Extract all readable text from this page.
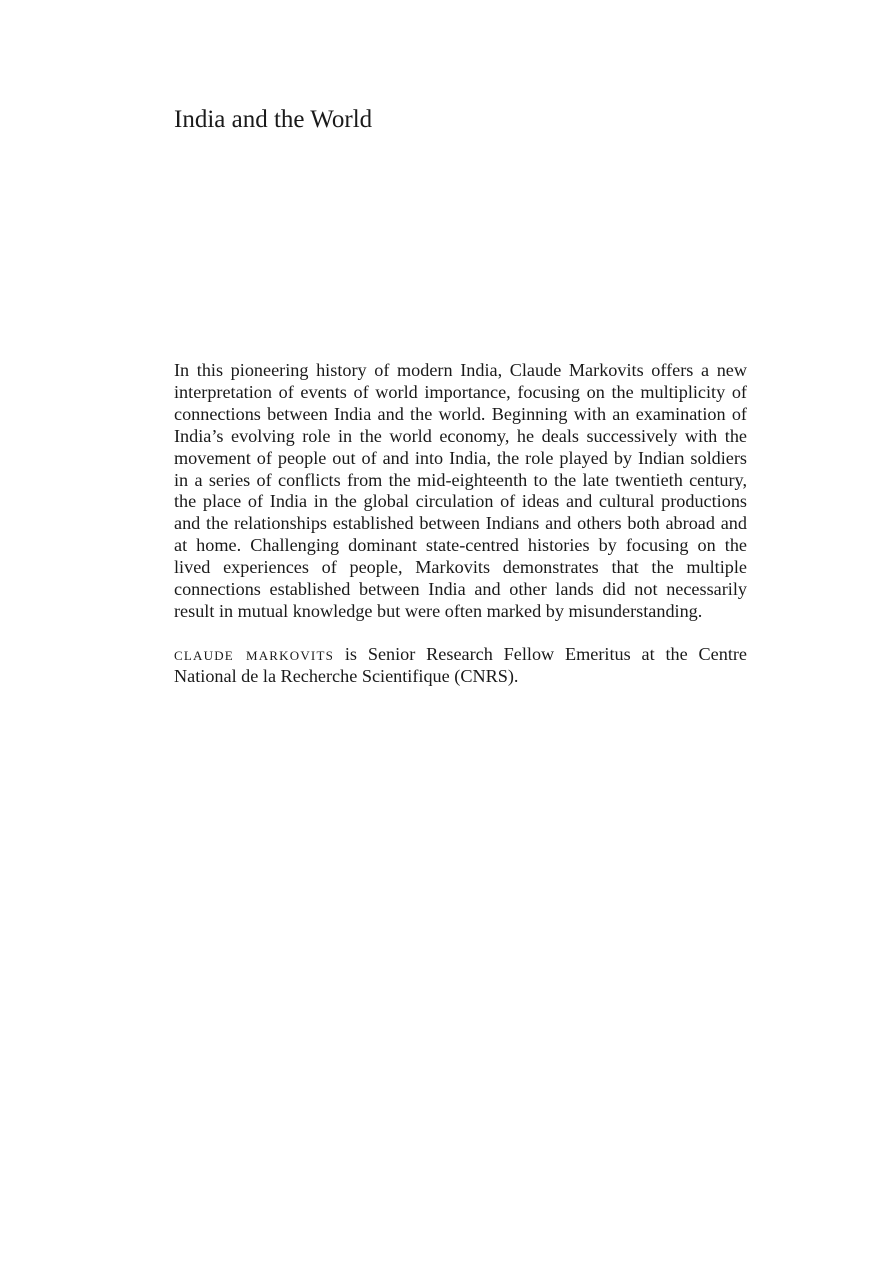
India and the World

In this pioneering history of modern India, Claude Markovits offers a new interpretation of events of world importance, focusing on the multiplicity of connections between India and the world. Beginning with an examination of India’s evolving role in the world economy, he deals successively with the movement of people out of and into India, the role played by Indian soldiers in a series of conflicts from the mid-eighteenth to the late twentieth century, the place of India in the global circulation of ideas and cultural productions and the relationships established between Indians and others both abroad and at home. Challenging dominant state-centred histories by focusing on the lived experiences of people, Markovits demonstrates that the multiple connections established between India and other lands did not necessarily result in mutual knowledge but were often marked by misunderstanding.

claude markovits is Senior Research Fellow Emeritus at the Centre National de la Recherche Scientifique (CNRS).
